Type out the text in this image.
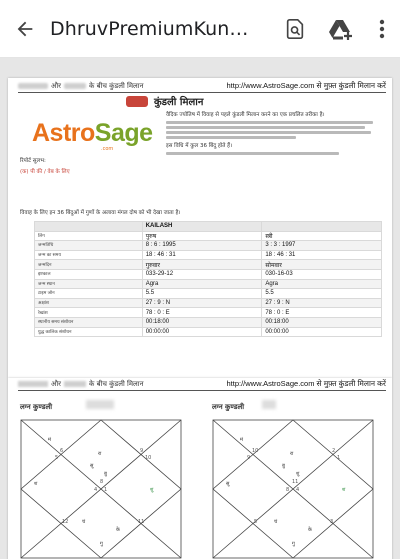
DhruvPremiumKun…
और	के बीच कुंडली मिलान	http://www.AstroSage.com से मुफ़्त कुंडली मिलान करें
कुंडली मिलान
AstroSage
.com
रिपोर्ट सुलभ:
(क) पी की / वेब के लिए
वैदिक ज्योतिष में विवाह से पहले कुंडली मिलान करने का एक प्रचलित तरीका है।
इस विधि में कुल 36 बिंदु होते हैं।
विवाह के लिए इन 36 बिंदुओं में गुणों के अलावा मंगल दोष को भी देखा जाता है।
	KAILASH	
लिंग	पुरुष	स्त्री
जन्मतिथि	8 : 6 : 1995	3 : 3 : 1997
जन्म का समय	18 : 46 : 31	18 : 46 : 31
जन्मदिन	गुरुवार	सोमवार
इष्टकाल	033-29-12	030-16-03
जन्म स्थान	Agra	Agra
टाइम जोन	5.5	5.5
अक्षांश	27 : 9 : N	27 : 9 : N
रेखांश	78 : 0 : E	78 : 0 : E
स्थानीय समय संशोधन	00:18:00	00:18:00
युद्ध कालिक संशोधन	00:00:00	00:00:00
और	के बीच कुंडली मिलान	http://www.AstroSage.com से मुफ़्त कुंडली मिलान करें
लग्न कुण्डली	लग्न कुण्डली
8
6
5
4 1
9
10
11
12
रा
मं
श
सू
बु
शु
चं
के
गु
11
10
9
8 4
2
1
3
5
रा
मं
सू
बु
शु
श
चं
के
गु
